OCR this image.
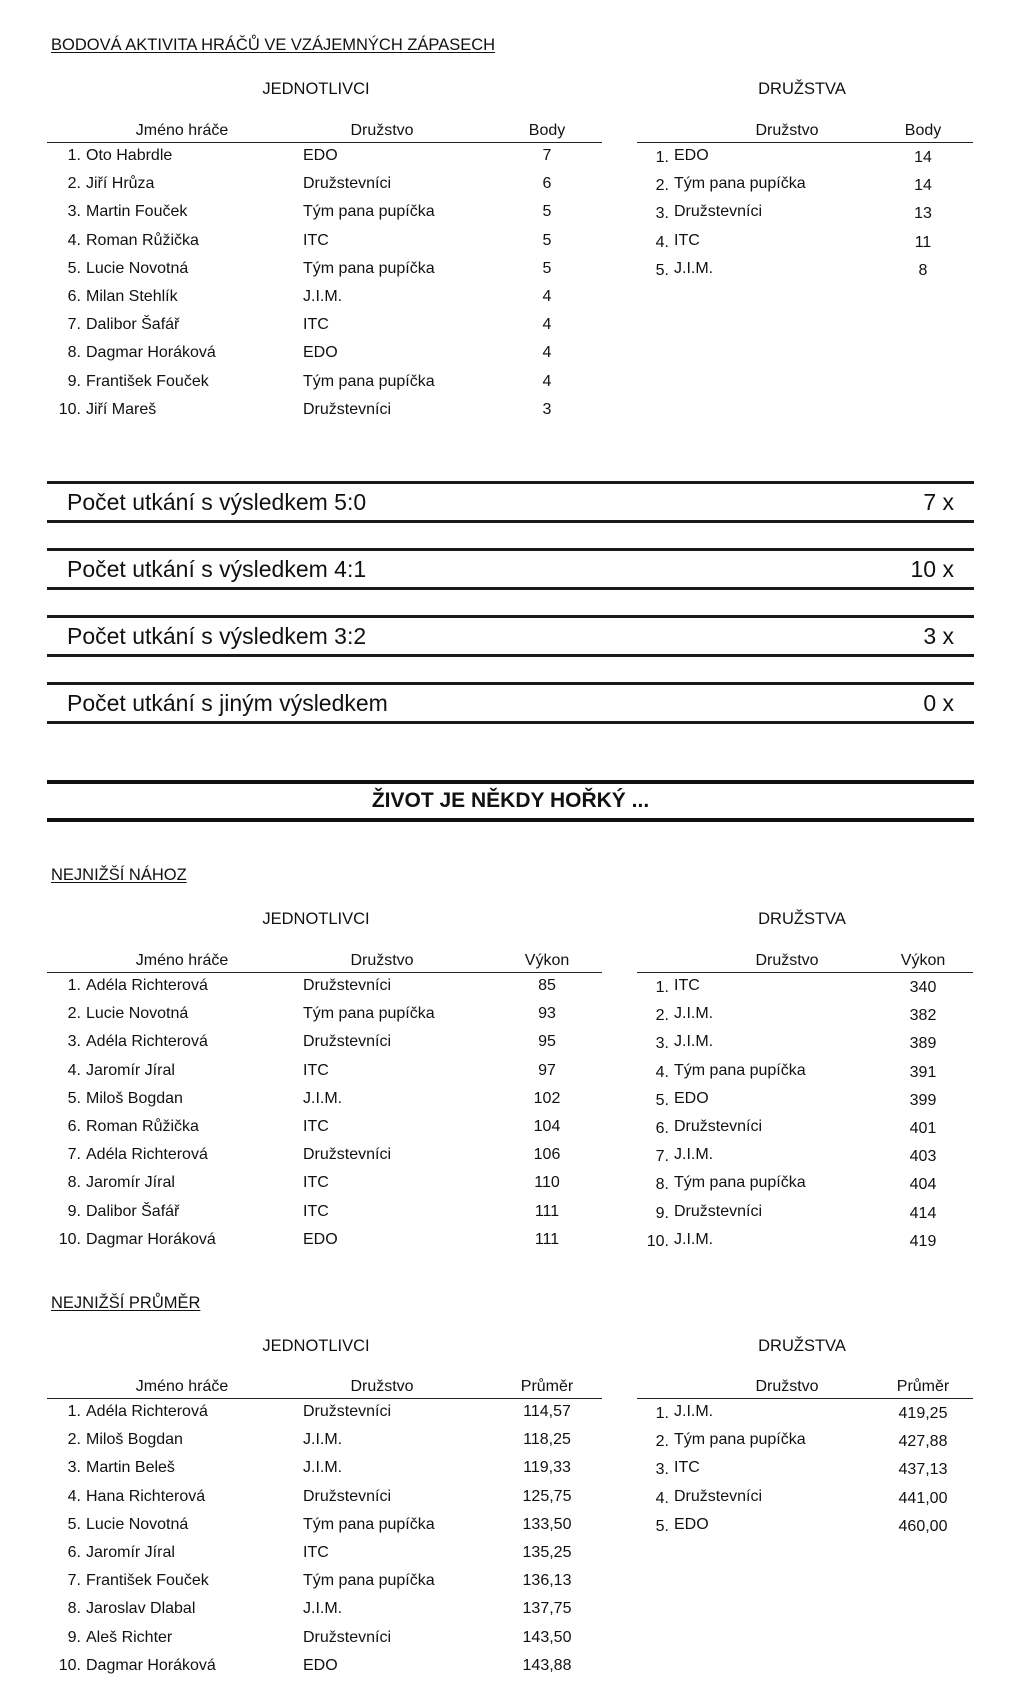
BODOVÁ AKTIVITA HRÁČŮ VE VZÁJEMNÝCH ZÁPASECH
JEDNOTLIVCI	DRUŽSTVA
Jméno hráče	Družstvo	Body
1. Oto Habrdle	EDO	7
2. Jiří Hrůza	Družstevníci	6
3. Martin Fouček	Tým pana pupíčka	5
4. Roman Růžička	ITC	5
5. Lucie Novotná	Tým pana pupíčka	5
6. Milan Stehlík	J.I.M.	4
7. Dalibor Šafář	ITC	4
8. Dagmar Horáková	EDO	4
9. František Fouček	Tým pana pupíčka	4
10. Jiří Mareš	Družstevníci	3
Družstvo	Body
1. EDO	14
2. Tým pana pupíčka	14
3. Družstevníci	13
4. ITC	11
5. J.I.M.	8
Počet utkání s výsledkem 5:0	7 x
Počet utkání s výsledkem 4:1	10 x
Počet utkání s výsledkem 3:2	3 x
Počet utkání s jiným výsledkem	0 x
ŽIVOT JE NĚKDY HOŘKÝ ...
NEJNIŽŠÍ NÁHOZ
JEDNOTLIVCI	DRUŽSTVA
Jméno hráče	Družstvo	Výkon
1. Adéla Richterová	Družstevníci	85
2. Lucie Novotná	Tým pana pupíčka	93
3. Adéla Richterová	Družstevníci	95
4. Jaromír Jíral	ITC	97
5. Miloš Bogdan	J.I.M.	102
6. Roman Růžička	ITC	104
7. Adéla Richterová	Družstevníci	106
8. Jaromír Jíral	ITC	110
9. Dalibor Šafář	ITC	111
10. Dagmar Horáková	EDO	111
Družstvo	Výkon
1. ITC	340
2. J.I.M.	382
3. J.I.M.	389
4. Tým pana pupíčka	391
5. EDO	399
6. Družstevníci	401
7. J.I.M.	403
8. Tým pana pupíčka	404
9. Družstevníci	414
10. J.I.M.	419
NEJNIŽŠÍ PRŮMĚR
JEDNOTLIVCI	DRUŽSTVA
Jméno hráče	Družstvo	Průměr
1. Adéla Richterová	Družstevníci	114,57
2. Miloš Bogdan	J.I.M.	118,25
3. Martin Beleš	J.I.M.	119,33
4. Hana Richterová	Družstevníci	125,75
5. Lucie Novotná	Tým pana pupíčka	133,50
6. Jaromír Jíral	ITC	135,25
7. František Fouček	Tým pana pupíčka	136,13
8. Jaroslav Dlabal	J.I.M.	137,75
9. Aleš Richter	Družstevníci	143,50
10. Dagmar Horáková	EDO	143,88
Družstvo	Průměr
1. J.I.M.	419,25
2. Tým pana pupíčka	427,88
3. ITC	437,13
4. Družstevníci	441,00
5. EDO	460,00
